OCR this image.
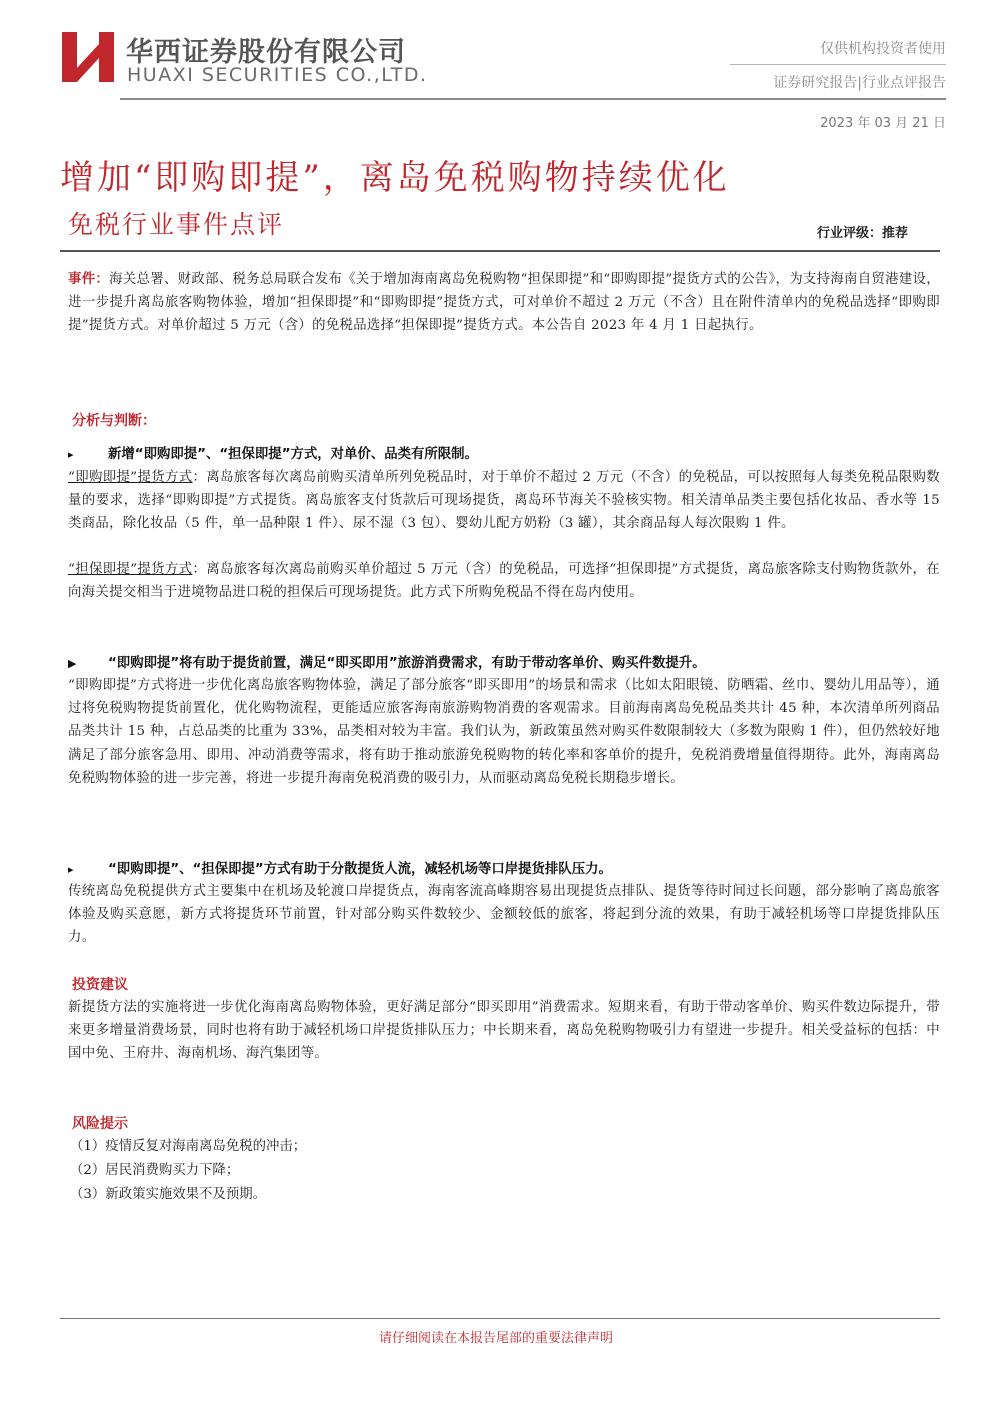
华西证券股份有限公司
HUAXI SECURITIES CO.,LTD.
仅供机构投资者使用
证券研究报告|行业点评报告
2023 年 03 月 21 日
增加“即购即提”，离岛免税购物持续优化
免税行业事件点评	行业评级：推荐
事件：海关总署、财政部、税务总局联合发布《关于增加海南离岛免税购物“担保即提”和“即购即提”提货方式的公告》，为支持海南自贸港建设，进一步提升离岛旅客购物体验，增加“担保即提”和“即购即提”提货方式，可对单价不超过 2 万元（不含）且在附件清单内的免税品选择“即购即提”提货方式。对单价超过 5 万元（含）的免税品选择“担保即提”提货方式。本公告自 2023 年 4 月 1 日起执行。
分析与判断：
▸	新增“即购即提”、“担保即提”方式，对单价、品类有所限制。
“即购即提”提货方式：离岛旅客每次离岛前购买清单所列免税品时，对于单价不超过 2 万元（不含）的免税品，可以按照每人每类免税品限购数量的要求，选择“即购即提”方式提货。离岛旅客支付货款后可现场提货，离岛环节海关不验核实物。相关清单品类主要包括化妆品、香水等 15 类商品，除化妆品（5 件，单一品种限 1 件）、尿不湿（3 包）、婴幼儿配方奶粉（3 罐），其余商品每人每次限购 1 件。
“担保即提”提货方式：离岛旅客每次离岛前购买单价超过 5 万元（含）的免税品，可选择“担保即提”方式提货，离岛旅客除支付购物货款外，在向海关提交相当于进境物品进口税的担保后可现场提货。此方式下所购免税品不得在岛内使用。
▶ “即购即提”将有助于提货前置，满足“即买即用”旅游消费需求，有助于带动客单价、购买件数提升。
“即购即提”方式将进一步优化离岛旅客购物体验，满足了部分旅客“即买即用”的场景和需求（比如太阳眼镜、防晒霜、丝巾、婴幼儿用品等），通过将免税购物提货前置化，优化购物流程，更能适应旅客海南旅游购物消费的客观需求。目前海南离岛免税品类共计 45 种，本次清单所列商品品类共计 15 种，占总品类的比重为 33%，品类相对较为丰富。我们认为，新政策虽然对购买件数限制较大（多数为限购 1 件），但仍然较好地满足了部分旅客急用、即用、冲动消费等需求，将有助于推动旅游免税购物的转化率和客单价的提升，免税消费增量值得期待。此外，海南离岛免税购物体验的进一步完善，将进一步提升海南免税消费的吸引力，从而驱动离岛免税长期稳步增长。
▸	“即购即提”、“担保即提”方式有助于分散提货人流，减轻机场等口岸提货排队压力。
传统离岛免税提供方式主要集中在机场及轮渡口岸提货点，海南客流高峰期容易出现提货点排队、提货等待时间过长问题，部分影响了离岛旅客体验及购买意愿，新方式将提货环节前置，针对部分购买件数较少、金额较低的旅客，将起到分流的效果，有助于减轻机场等口岸提货排队压力。
投资建议
新提货方法的实施将进一步优化海南离岛购物体验，更好满足部分“即买即用”消费需求。短期来看，有助于带动客单价、购买件数边际提升，带来更多增量消费场景，同时也将有助于减轻机场口岸提货排队压力；中长期来看，离岛免税购物吸引力有望进一步提升。相关受益标的包括：中国中免、王府井、海南机场、海汽集团等。
风险提示
（1）疫情反复对海南离岛免税的冲击；
（2）居民消费购买力下降；
（3）新政策实施效果不及预期。
请仔细阅读在本报告尾部的重要法律声明
